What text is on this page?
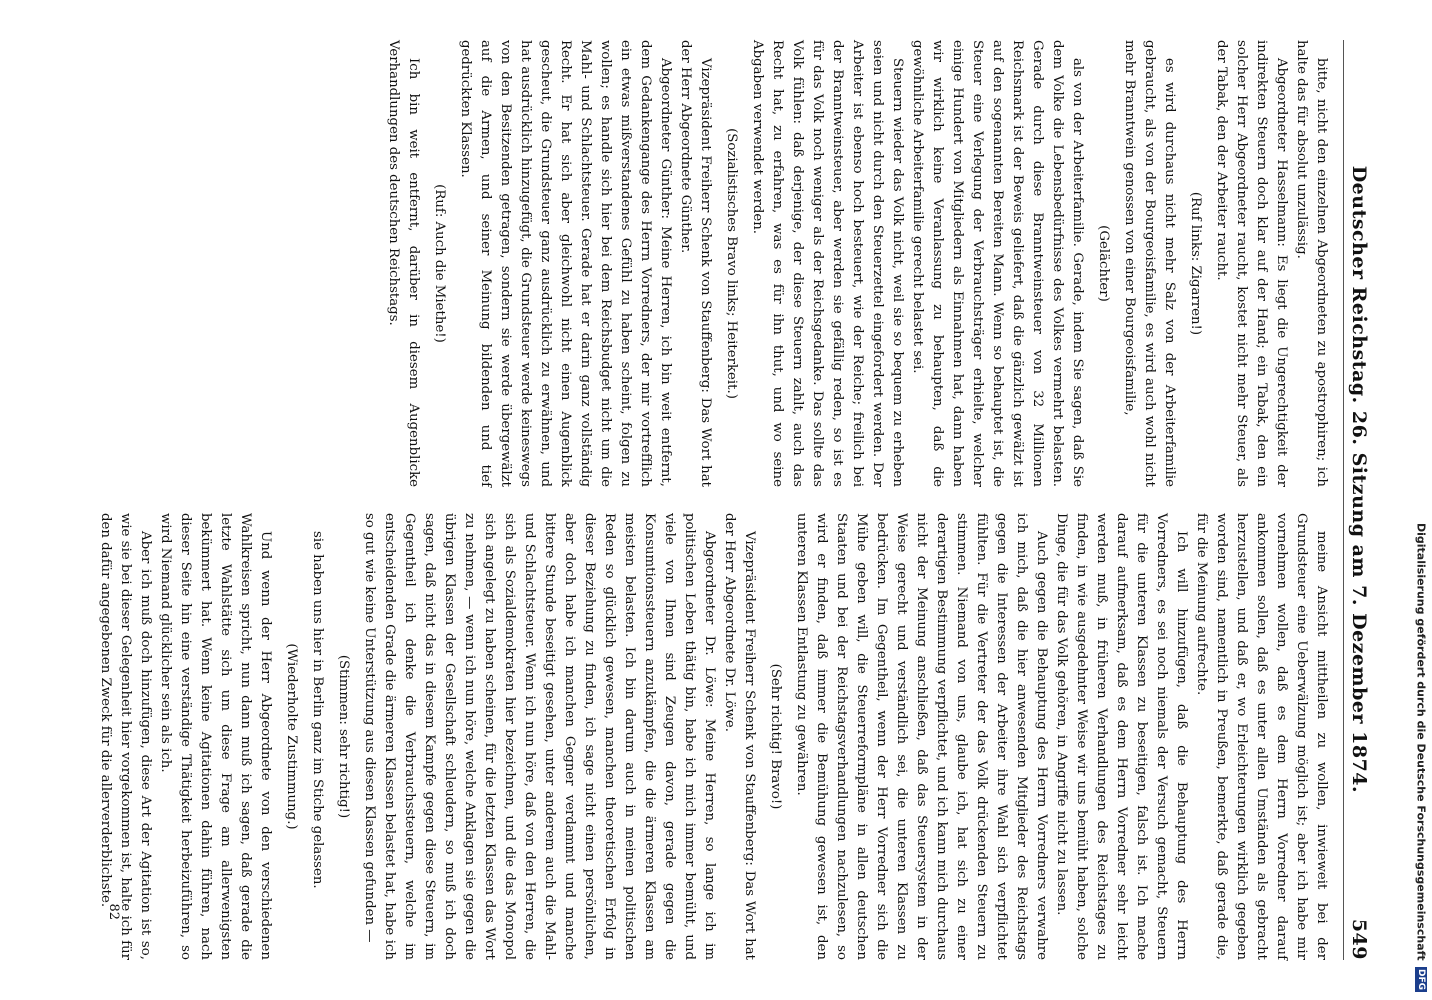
Deutscher Reichstag. 26. Sitzung am 7. Dezember 1874.
549

bitte, nicht den einzelnen Abgeordneten zu apostrophiren; ich halte das für absolut unzulässig.

Abgeordneter Hasselmann: Es liegt die Ungerechtigkeit der indirekten Steuern doch klar auf der Hand; ein Tabak, den ein solcher Herr Abgeordneter raucht, kostet nicht mehr Steuer, als der Tabak, den der Arbeiter raucht.

(Ruf links: Zigarren!)

es wird durchaus nicht mehr Salz von der Arbeiterfamilie gebraucht, als von der Bourgeoisfamilie, es wird auch wohl nicht mehr Branntwein genossen von einer Bourgeoisfamilie,

(Gelächter)

als von der Arbeiterfamilie. Gerade, indem Sie sagen, daß Sie dem Volke die Lebensbedürfnisse des Volkes vermehrt belasten. Gerade durch diese Branntweinsteuer von 32 Millionen Reichsmark ist der Beweis geliefert, daß die gänzlich gewälzt ist auf den sogenannten Bereiten Mann. Wenn so behauptet ist, die Steuer eine Verlegung der Verbrauchsträger erhielte, welcher einige Hundert von Mitgliedern als Einnahmen hat, dann haben wir wirklich keine Veranlassung zu behaupten, daß die gewöhnliche Arbeiterfamilie gerecht belastet sei.

Steuern wieder das Volk nicht, weil sie so bequem zu erheben seien und nicht durch den Steuerzettel eingefordert werden. Der Arbeiter ist ebenso hoch besteuert, wie der Reiche; freilich bei der Branntweinsteuer, aber werden sie gefällig reden, so ist es für das Volk noch weniger als der Reichsgedanke. Das sollte das Volk fühlen: daß derjenige, der diese Steuern zahlt, auch das Recht hat, zu erfahren, was es für ihn thut, und wo seine Abgaben verwendet werden.

(Sozialistisches Bravo links; Heiterkeit.)

Vizepräsident Freiherr Schenk von Stauffenberg: Das Wort hat der Herr Abgeordnete Günther.

Abgeordneter Günther: Meine Herren, ich bin weit entfernt, dem Gedankengange des Herrn Vorredners, der mir vortrefflich ein etwas mißverstandenes Gefühl zu haben scheint, folgen zu wollen; es handle sich hier bei dem Reichsbudget nicht um die Mahl- und Schlachtsteuer. Gerade hat er darin ganz vollständig Recht. Er hat sich aber gleichwohl nicht einen Augenblick gescheut, die Grundsteuer ganz ausdrücklich zu erwähnen, und hat ausdrücklich hinzugefügt, die Grundsteuer werde keineswegs von den Besitzenden getragen, sondern sie werde übergewälzt auf die Armen, und seiner Meinung bildenden und tief gedrückten Klassen.

(Ruf: Auch die Miethe!)

Ich bin weit entfernt, darüber in diesem Augenblicke Verhandlungen des deutschen Reichstags.

meine Ansicht mittheilen zu wollen, inwieweit bei der Grundsteuer eine Ueberwälzung möglich ist; aber ich habe mir vornehmen wollen, daß es dem Herrn Vorredner darauf ankommen sollen, daß es unter allen Umständen als gebracht herzustellen, und daß er, wo Erleichterungen wirklich gegeben worden sind, namentlich in Preußen, bemerkte, daß gerade die, für die Meinung aufrechte.

Ich will hinzufügen, daß die Behauptung des Herrn Vorredners, es sei noch niemals der Versuch gemacht, Steuern für die unteren Klassen zu beseitigen, falsch ist. Ich mache darauf aufmerksam, daß es dem Herrn Vorredner sehr leicht werden muß, in früheren Verhandlungen des Reichstages zu finden, in wie ausgedehnter Weise wir uns bemüht haben, solche Dinge, die für das Volk gehören, in Angriffe nicht zu lassen.

Auch gegen die Behauptung des Herrn Vorredners verwahre ich mich, daß die hier anwesenden Mitglieder des Reichstags gegen die Interessen der Arbeiter ihre Wahl sich verpflichtet fühlten. Für die Vertreter der das Volk drückenden Steuern zu stimmen. Niemand von uns, glaube ich, hat sich zu einer derartigen Bestimmung verpflichtet, und ich kann mich durchaus nicht der Meinung anschließen, daß das Steuersystem in der Weise gerecht und verständlich sei, die unteren Klassen zu bedrücken. Im Gegentheil, wenn der Herr Vorredner sich die Mühe geben will, die Steuerreformpläne in allen deutschen Staaten und bei der Reichstagsverhandlungen nachzulesen, so wird er finden, daß immer die Bemühung gewesen ist, den unteren Klassen Entlastung zu gewähren.

(Sehr richtig! Bravo!)

Vizepräsident Freiherr Schenk von Stauffenberg: Das Wort hat der Herr Abgeordnete Dr. Löwe.

Abgeordneter Dr. Löwe: Meine Herren, so lange ich im politischen Leben thätig bin, habe ich mich immer bemüht, und viele von Ihnen sind Zeugen davon, gerade gegen die Konsumtionssteuern anzukämpfen, die die ärmeren Klassen am meisten belasten. Ich bin darum auch in meinen politischen Reden so glücklich gewesen, manchen theoretischen Erfolg in dieser Beziehung zu finden, ich sage nicht einen persönlichen, aber doch habe ich manchen Gegner verdammt und manche bittere Stunde beseitigt gesehen, unter anderem auch die Mahl- und Schlachtsteuer. Wenn ich nun höre, daß von den Herren, die sich als Sozialdemokraten hier bezeichnen, und die das Monopol sich angelegt zu haben scheinen, für die letzten Klassen das Wort zu nehmen, — wenn ich nun höre, welche Anklagen sie gegen die übrigen Klassen der Gesellschaft schleudern, so muß ich doch sagen, daß nicht das in diesem Kampfe gegen diese Steuern, im Gegentheil ich denke die Verbrauchssteuern, welche im entscheidenden Grade die ärmeren Klassen belastet hat, habe ich so gut wie keine Unterstützung aus diesen Klassen gefunden —

(Stimmen: sehr richtig!)

sie haben uns hier in Berlin ganz im Stiche gelassen.

(Wiederholte Zustimmung.)

Und wenn der Herr Abgeordnete von den verschiedenen Wahlkreisen spricht, nun dann muß ich sagen, daß gerade die letzte Wahlstätte sich um diese Frage am allerwenigsten bekümmert hat. Wenn keine Agitationen dahin führen, nach dieser Seite hin eine verständige Thätigkeit herbeizuführen, so wird Niemand glücklicher sein als ich.

Aber ich muß doch hinzufügen, diese Art der Agitation ist so, wie sie bei dieser Gelegenheit hier vorgekommen ist, halte ich für den dafür angegebenen Zweck für die allerverderblichste.

82	Digitalisierung gefördert durch die Deutsche Forschungsgemeinschaft
DFG
